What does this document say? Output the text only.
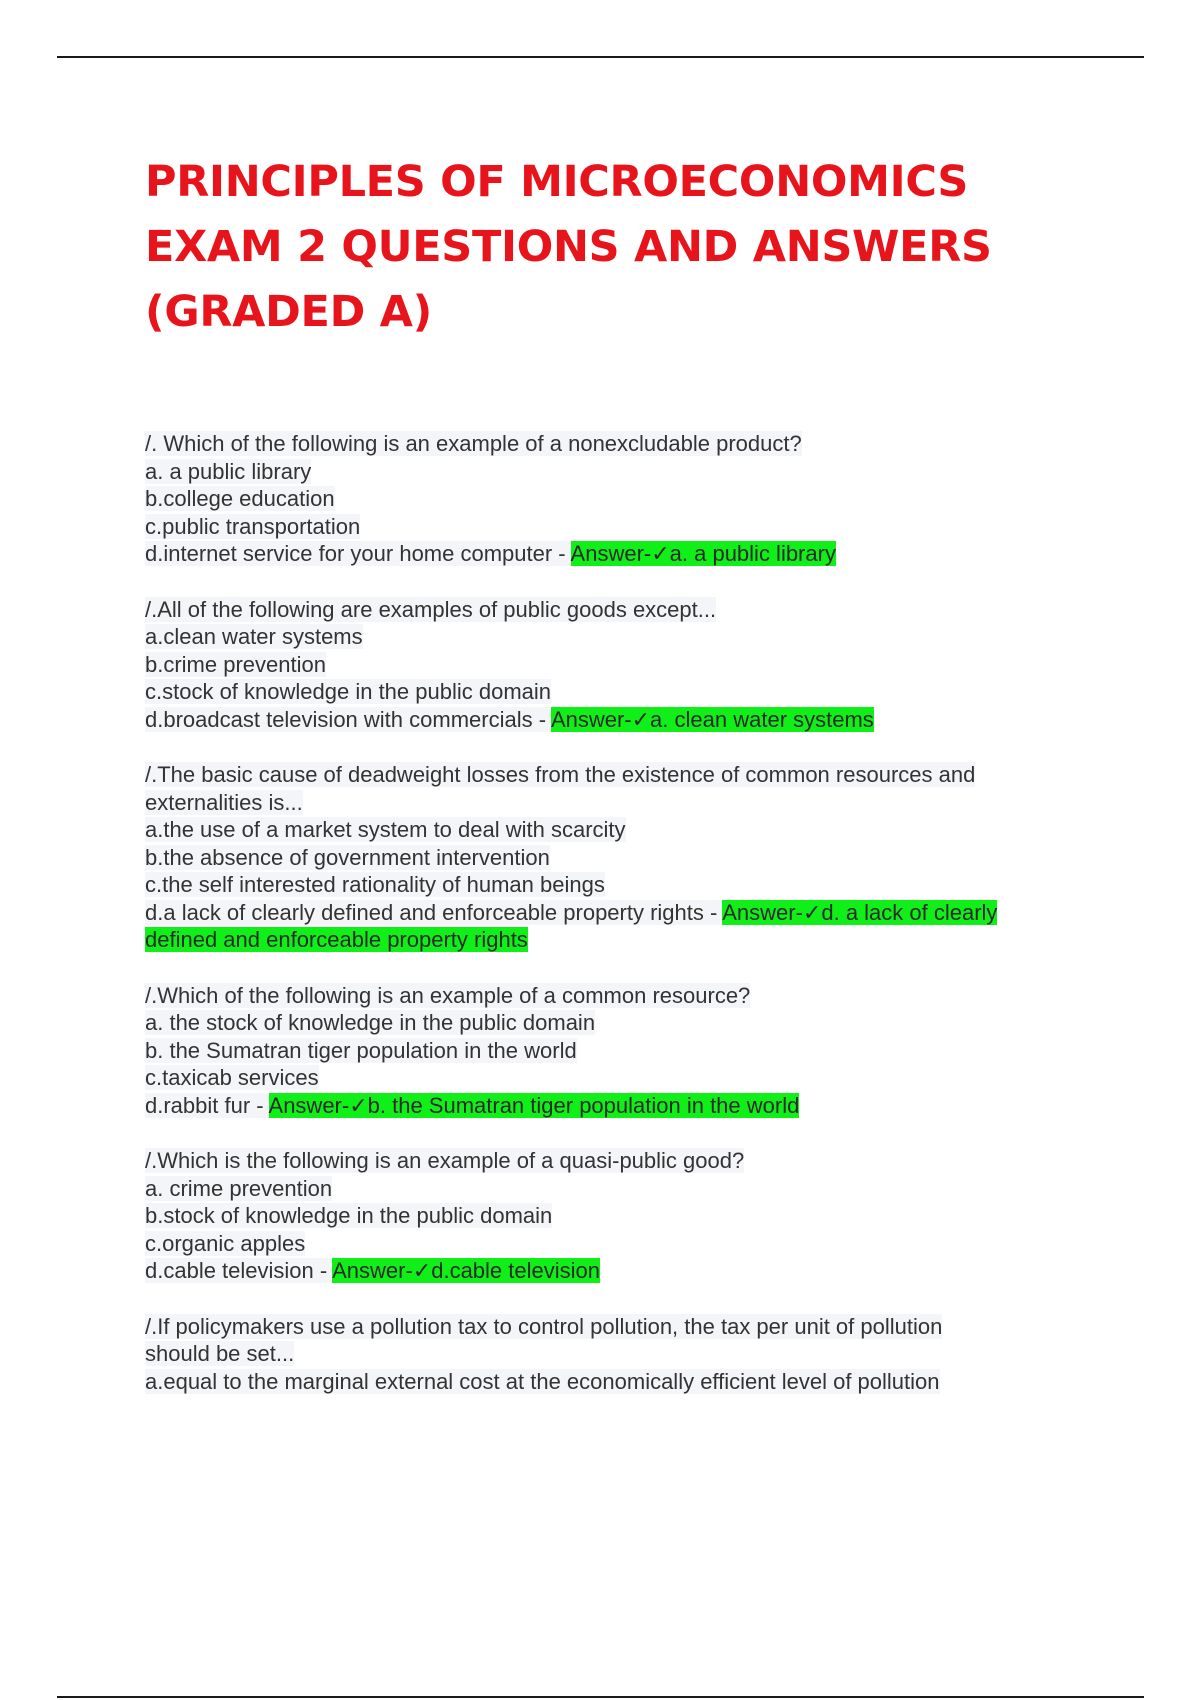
PRINCIPLES OF MICROECONOMICS
EXAM 2 QUESTIONS AND ANSWERS
(GRADED A)
/. Which of the following is an example of a nonexcludable product?
a. a public library
b.college education
c.public transportation
d.internet service for your home computer - Answer-✓a. a public library
/.All of the following are examples of public goods except...
a.clean water systems
b.crime prevention
c.stock of knowledge in the public domain
d.broadcast television with commercials - Answer-✓a. clean water systems
/.The basic cause of deadweight losses from the existence of common resources and
externalities is...
a.the use of a market system to deal with scarcity
b.the absence of government intervention
c.the self interested rationality of human beings
d.a lack of clearly defined and enforceable property rights - Answer-✓d. a lack of clearly
defined and enforceable property rights
/.Which of the following is an example of a common resource?
a. the stock of knowledge in the public domain
b. the Sumatran tiger population in the world
c.taxicab services
d.rabbit fur - Answer-✓b. the Sumatran tiger population in the world
/.Which is the following is an example of a quasi-public good?
a. crime prevention
b.stock of knowledge in the public domain
c.organic apples
d.cable television - Answer-✓d.cable television
/.If policymakers use a pollution tax to control pollution, the tax per unit of pollution
should be set...
a.equal to the marginal external cost at the economically efficient level of pollution
